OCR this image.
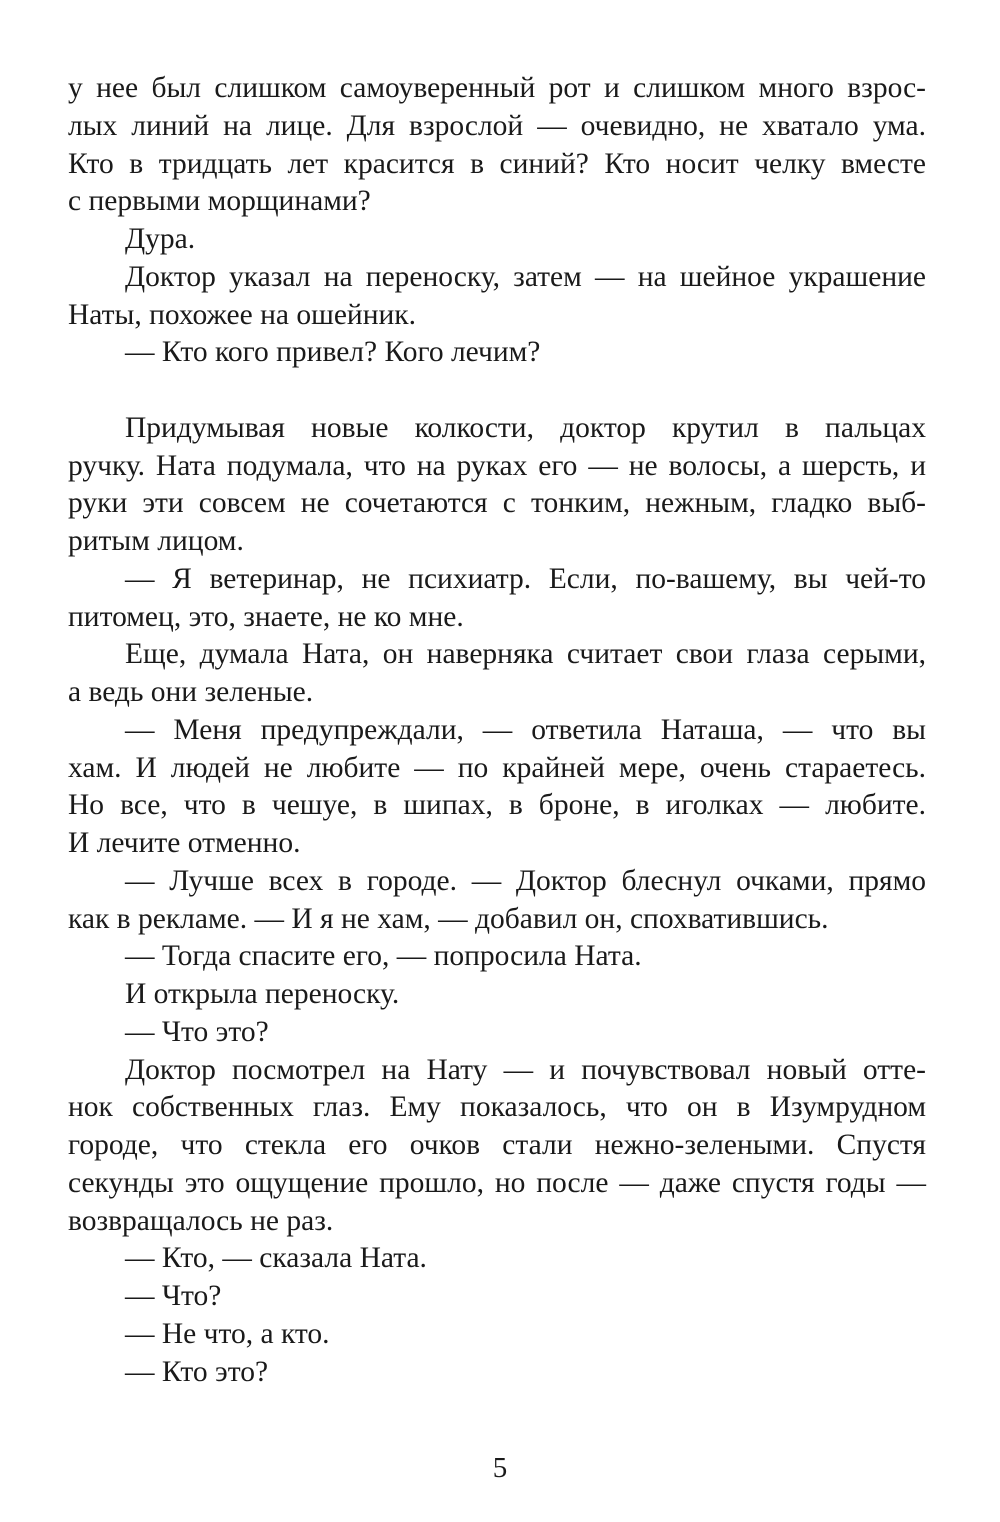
у нее был слишком самоуверенный рот и слишком много взрос-
лых линий на лице. Для взрослой — очевидно, не хватало ума.
Кто в тридцать лет красится в синий? Кто носит челку вместе
с первыми морщинами?
Дура.
Доктор указал на переноску, затем — на шейное украшение
Наты, похожее на ошейник.
— Кто кого привел? Кого лечим?
Придумывая новые колкости, доктор крутил в пальцах
ручку. Ната подумала, что на руках его — не волосы, а шерсть, и
руки эти совсем не сочетаются с тонким, нежным, гладко выб-
ритым лицом.
— Я ветеринар, не психиатр. Если, по-вашему, вы чей-то
питомец, это, знаете, не ко мне.
Еще, думала Ната, он наверняка считает свои глаза серыми,
а ведь они зеленые.
— Меня предупреждали, — ответила Наташа, — что вы
хам. И людей не любите — по крайней мере, очень стараетесь.
Но все, что в чешуе, в шипах, в броне, в иголках — любите.
И лечите отменно.
— Лучше всех в городе. — Доктор блеснул очками, прямо
как в рекламе. — И я не хам, — добавил он, спохватившись.
— Тогда спасите его, — попросила Ната.
И открыла переноску.
— Что это?
Доктор посмотрел на Нату — и почувствовал новый отте-
нок собственных глаз. Ему показалось, что он в Изумрудном
городе, что стекла его очков стали нежно-зелеными. Спустя
секунды это ощущение прошло, но после — даже спустя годы —
возвращалось не раз.
— Кто, — сказала Ната.
— Что?
— Не что, а кто.
— Кто это?
5
